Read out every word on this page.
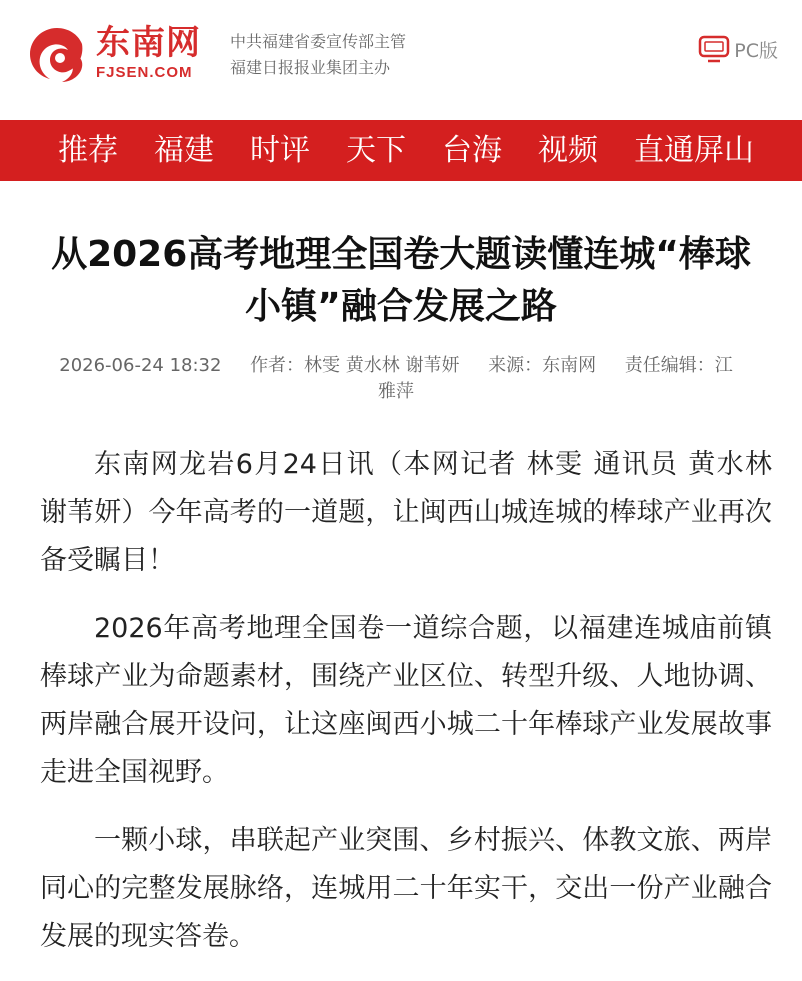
东南网
FJSEN.COM
中共福建省委宣传部主管
福建日报报业集团主办
PC版
推荐 福建 时评 天下 台海 视频 直通屏山
从2026高考地理全国卷大题读懂连城“棒球小镇”融合发展之路
2026-06-24 18:32 作者：林雯 黄水林 谢苇妍 来源：东南网 责任编辑：江雅萍

东南网龙岩6月24日讯（本网记者 林雯 通讯员 黄水林 谢苇妍）今年高考的一道题，让闽西山城连城的棒球产业再次备受瞩目！

2026年高考地理全国卷一道综合题，以福建连城庙前镇棒球产业为命题素材，围绕产业区位、转型升级、人地协调、两岸融合展开设问，让这座闽西小城二十年棒球产业发展故事走进全国视野。

一颗小球，串联起产业突围、乡村振兴、体教文旅、两岸同心的完整发展脉络，连城用二十年实干，交出一份产业融合发展的现实答卷。
